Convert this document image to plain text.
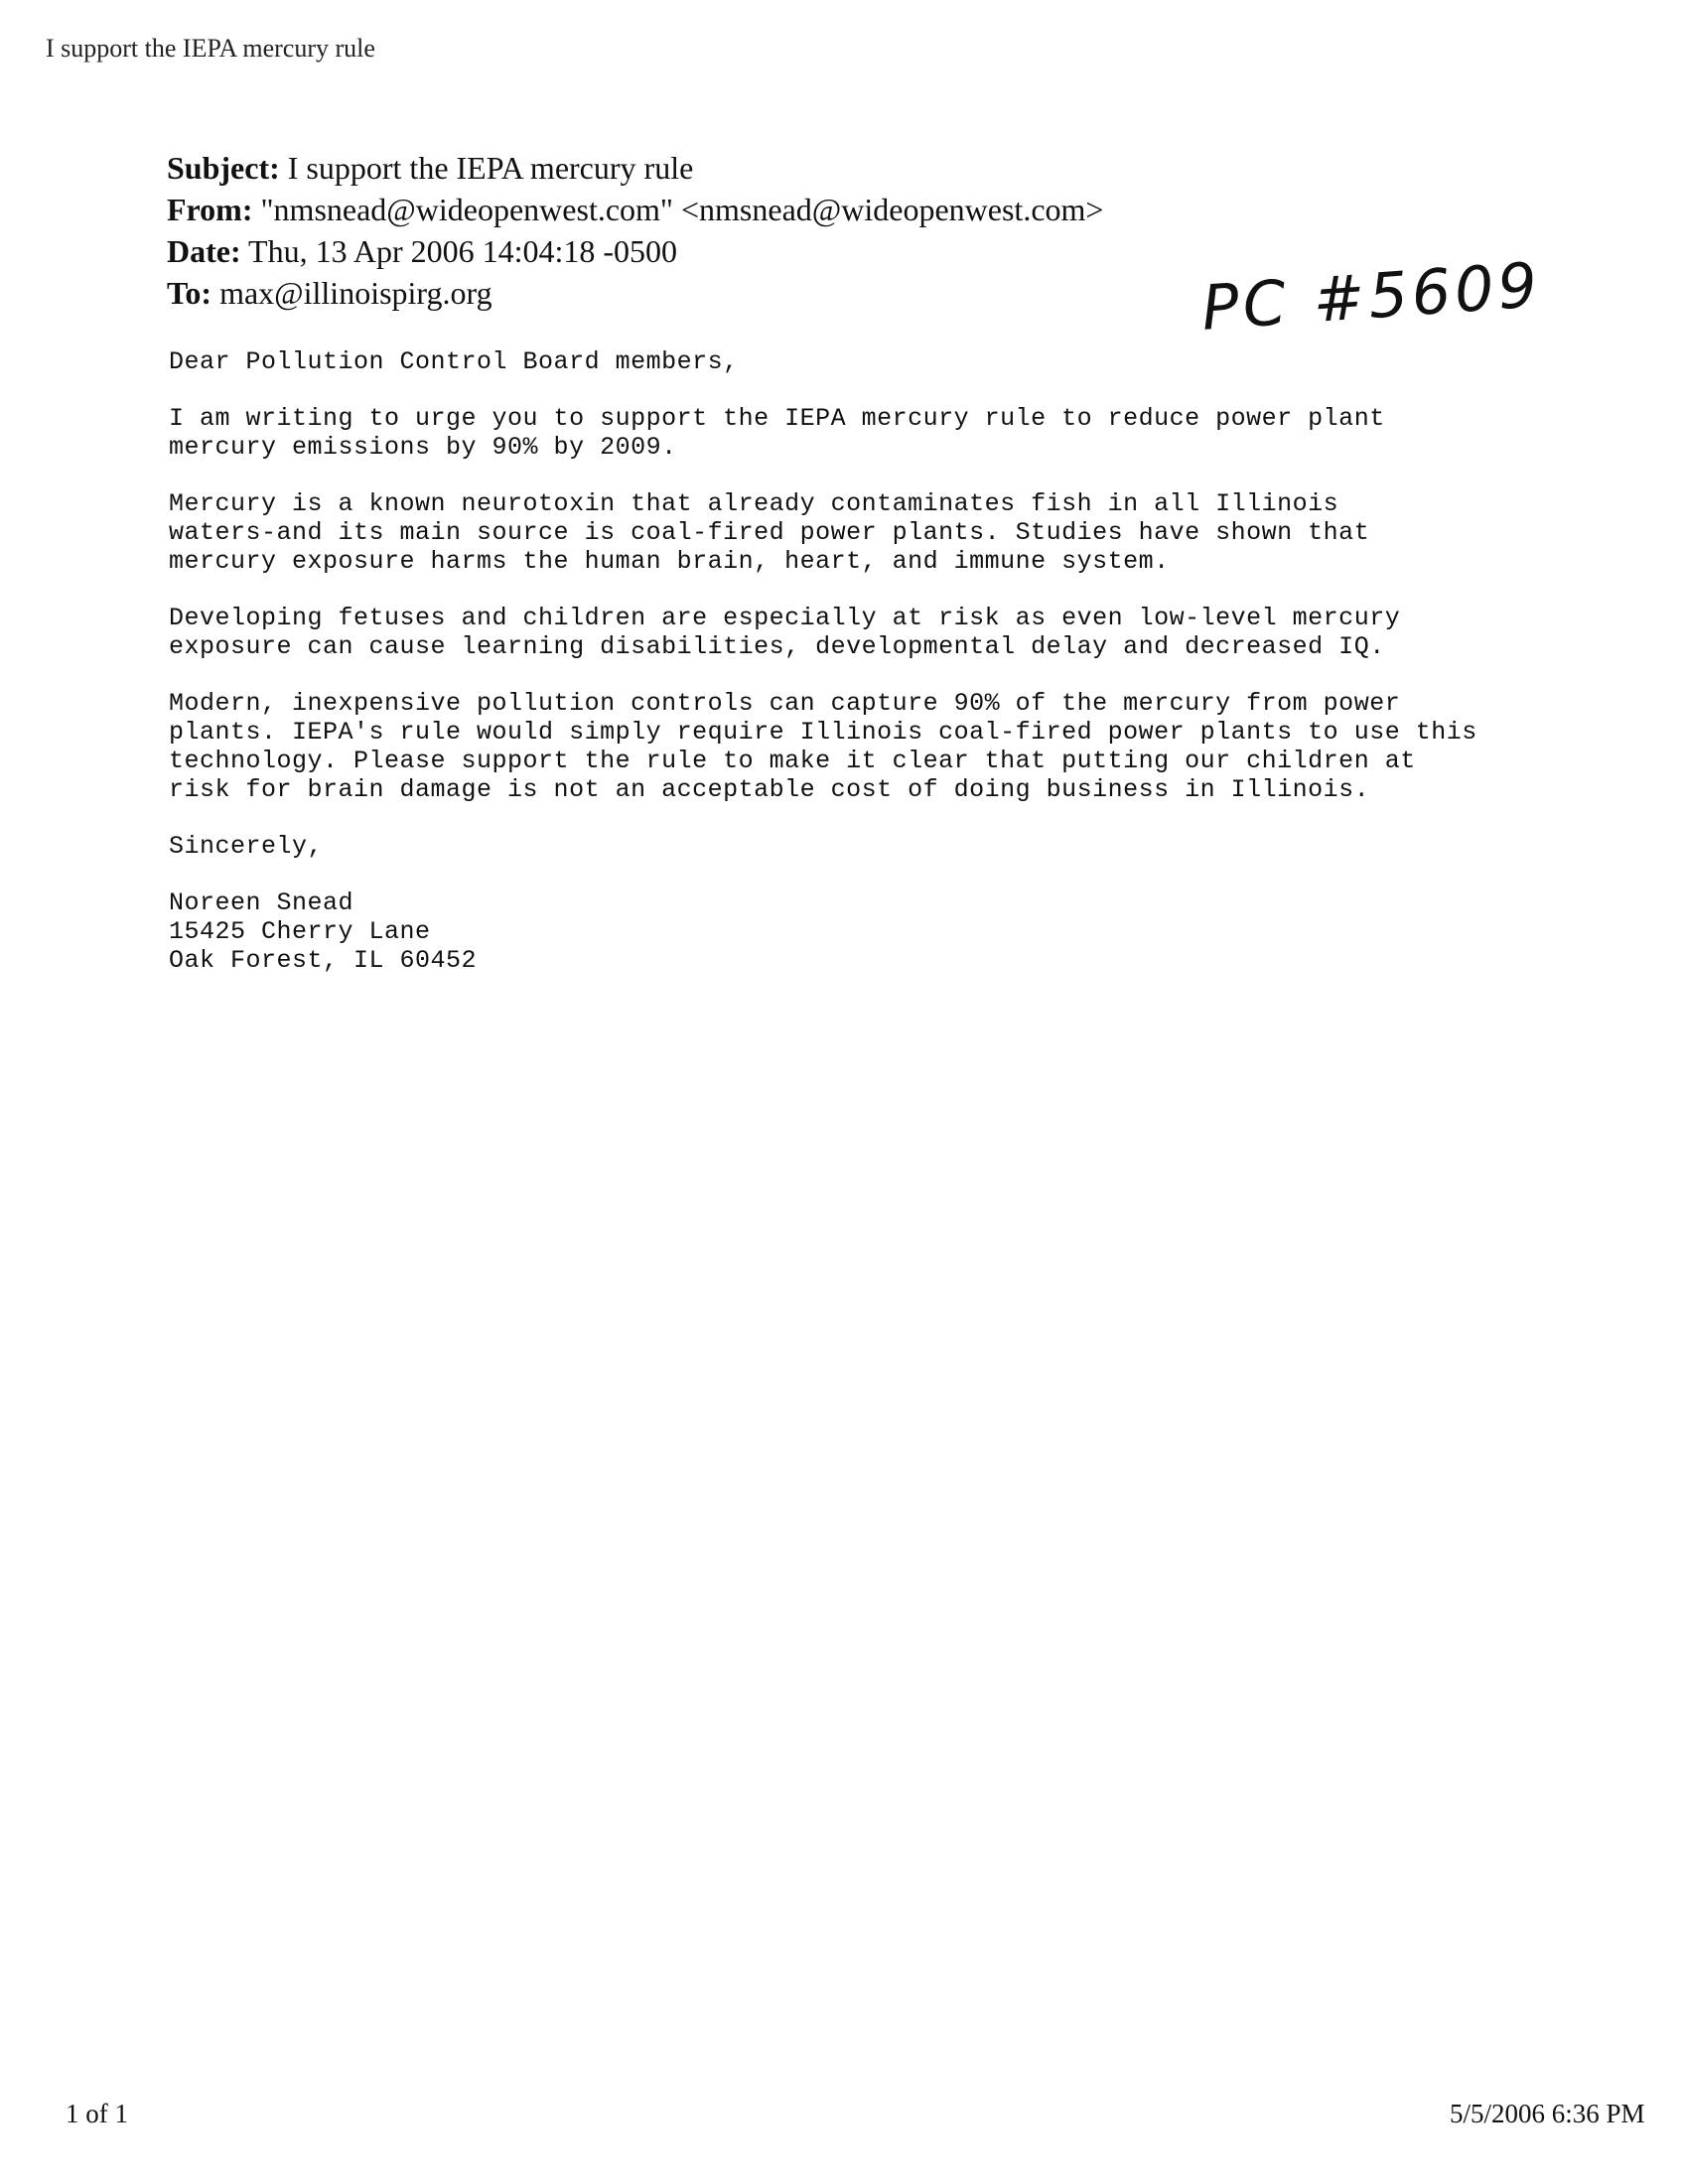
I support the IEPA mercury rule
Subject: I support the IEPA mercury rule
From: "nmsnead@wideopenwest.com" <nmsnead@wideopenwest.com>
Date: Thu, 13 Apr 2006 14:04:18 -0500
To: max@illinoispirg.org	PC #5609

Dear Pollution Control Board members,

I am writing to urge you to support the IEPA mercury rule to reduce power plant
mercury emissions by 90% by 2009.

Mercury is a known neurotoxin that already contaminates fish in all Illinois
waters-and its main source is coal-fired power plants. Studies have shown that
mercury exposure harms the human brain, heart, and immune system.

Developing fetuses and children are especially at risk as even low-level mercury
exposure can cause learning disabilities, developmental delay and decreased IQ.

Modern, inexpensive pollution controls can capture 90% of the mercury from power
plants. IEPA's rule would simply require Illinois coal-fired power plants to use this
technology. Please support the rule to make it clear that putting our children at
risk for brain damage is not an acceptable cost of doing business in Illinois.

Sincerely,

Noreen Snead

15425 Cherry Lane

Oak Forest, IL 60452

1 of 1	5/5/2006 6:36 PM
